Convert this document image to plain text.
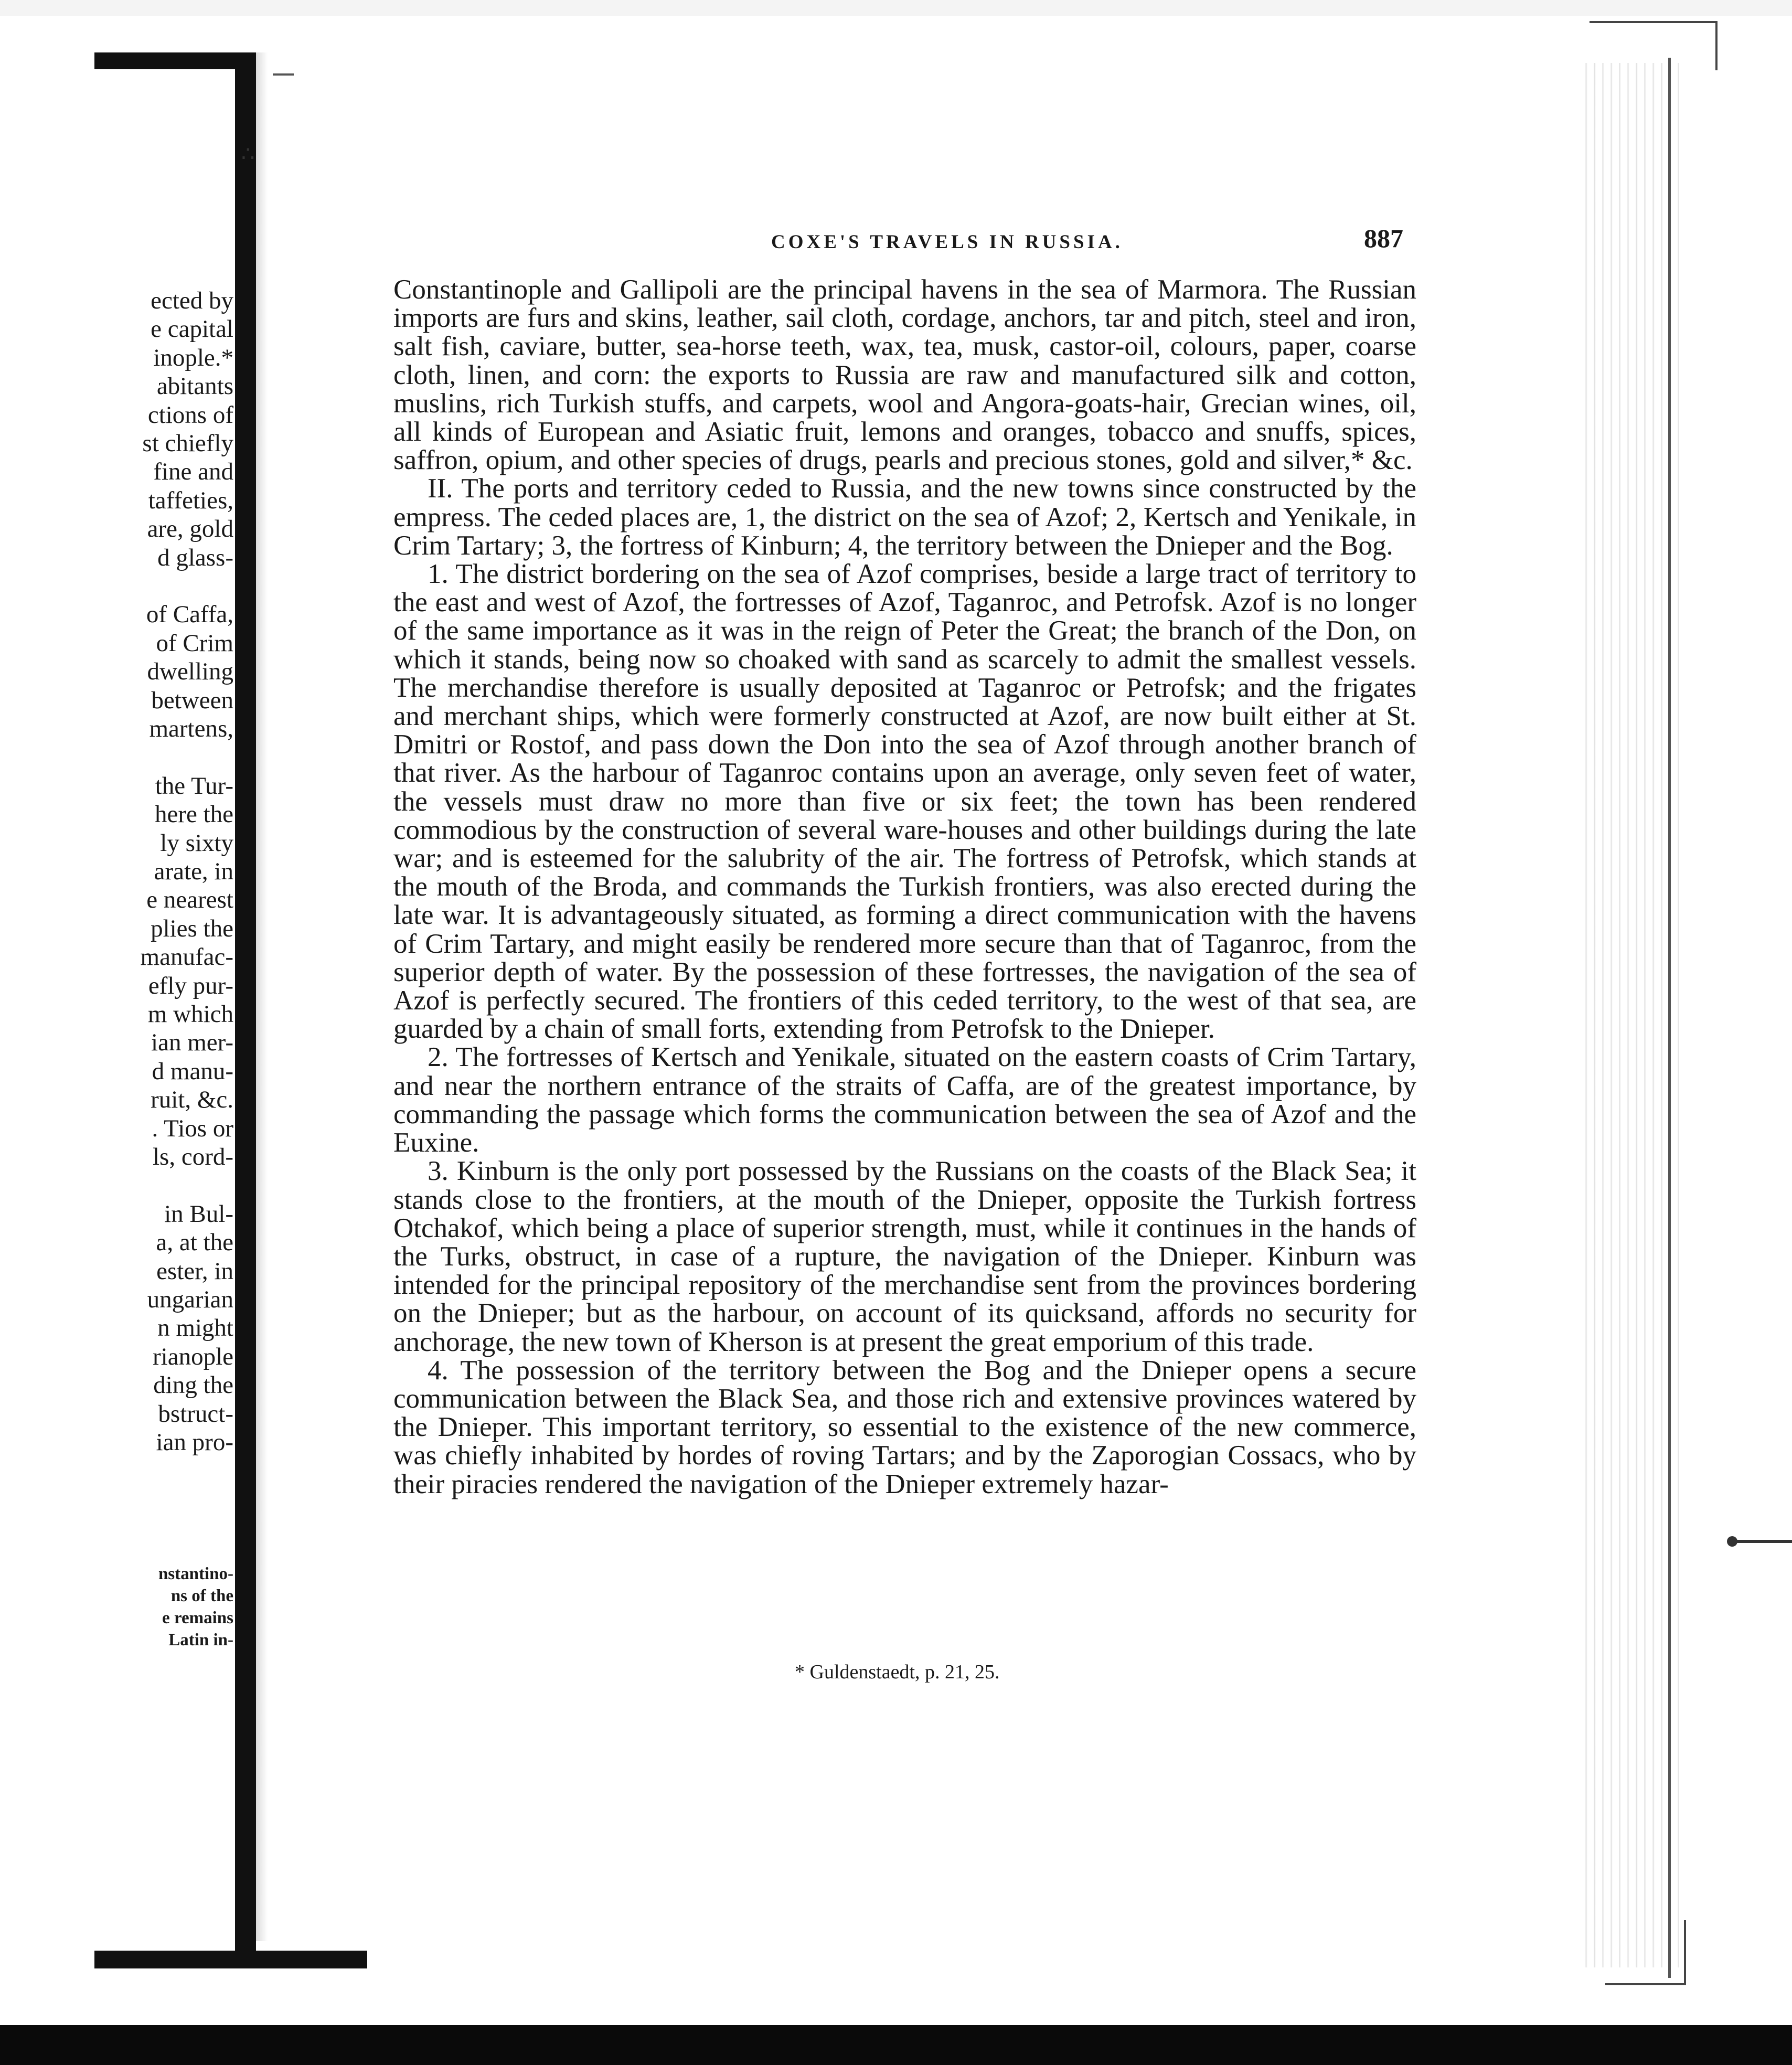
ected by
e capital
inople.*
abitants
ctions of
st chiefly
fine and
taffeties,
are, gold
d glass-
of Caffa,
of Crim
dwelling
between
martens,
the Tur-
here the
ly sixty
arate, in
e nearest
plies the
manufac-
efly pur-
m which
ian mer-
d manu-
ruit, &c.
. Tios or
ls, cord-
in Bul-
a, at the
ester, in
ungarian
n might
rianople
ding the
bstruct-
ian pro-
nstantino-
ns of the
e remains
Latin in-
∴
COXE'S TRAVELS IN RUSSIA.	887

Constantinople and Gallipoli are the principal havens in the sea of Marmora. The Russian imports are furs and skins, leather, sail cloth, cordage, anchors, tar and pitch, steel and iron, salt fish, caviare, butter, sea-horse teeth, wax, tea, musk, castor-oil, colours, paper, coarse cloth, linen, and corn: the exports to Russia are raw and manufactured silk and cotton, muslins, rich Turkish stuffs, and carpets, wool and Angora-goats-hair, Grecian wines, oil, all kinds of European and Asiatic fruit, lemons and oranges, tobacco and snuffs, spices, saffron, opium, and other species of drugs, pearls and precious stones, gold and silver,* &c.

II. The ports and territory ceded to Russia, and the new towns since constructed by the empress. The ceded places are, 1, the district on the sea of Azof; 2, Kertsch and Yenikale, in Crim Tartary; 3, the fortress of Kinburn; 4, the territory between the Dnieper and the Bog.

1. The district bordering on the sea of Azof comprises, beside a large tract of territory to the east and west of Azof, the fortresses of Azof, Taganroc, and Petrofsk. Azof is no longer of the same importance as it was in the reign of Peter the Great; the branch of the Don, on which it stands, being now so choaked with sand as scarcely to admit the smallest vessels. The merchandise therefore is usually deposited at Taganroc or Petrofsk; and the frigates and merchant ships, which were formerly constructed at Azof, are now built either at St. Dmitri or Rostof, and pass down the Don into the sea of Azof through another branch of that river. As the harbour of Taganroc contains upon an average, only seven feet of water, the vessels must draw no more than five or six feet; the town has been rendered commodious by the construction of several ware-houses and other buildings during the late war; and is esteemed for the salubrity of the air. The fortress of Petrofsk, which stands at the mouth of the Broda, and commands the Turkish frontiers, was also erected during the late war. It is advantageously situated, as forming a direct communication with the havens of Crim Tartary, and might easily be rendered more secure than that of Taganroc, from the superior depth of water. By the possession of these fortresses, the navigation of the sea of Azof is perfectly secured. The frontiers of this ceded territory, to the west of that sea, are guarded by a chain of small forts, extending from Petrofsk to the Dnieper.

2. The fortresses of Kertsch and Yenikale, situated on the eastern coasts of Crim Tartary, and near the northern entrance of the straits of Caffa, are of the greatest importance, by commanding the passage which forms the communication between the sea of Azof and the Euxine.

3. Kinburn is the only port possessed by the Russians on the coasts of the Black Sea; it stands close to the frontiers, at the mouth of the Dnieper, opposite the Turkish fortress Otchakof, which being a place of superior strength, must, while it continues in the hands of the Turks, obstruct, in case of a rupture, the navigation of the Dnieper. Kinburn was intended for the principal repository of the merchandise sent from the provinces bordering on the Dnieper; but as the harbour, on account of its quicksand, affords no security for anchorage, the new town of Kherson is at present the great emporium of this trade.

4. The possession of the territory between the Bog and the Dnieper opens a secure communication between the Black Sea, and those rich and extensive provinces watered by the Dnieper. This important territory, so essential to the existence of the new commerce, was chiefly inhabited by hordes of roving Tartars; and by the Zaporogian Cossacs, who by their piracies rendered the navigation of the Dnieper extremely hazar-

* Guldenstaedt, p. 21, 25.
